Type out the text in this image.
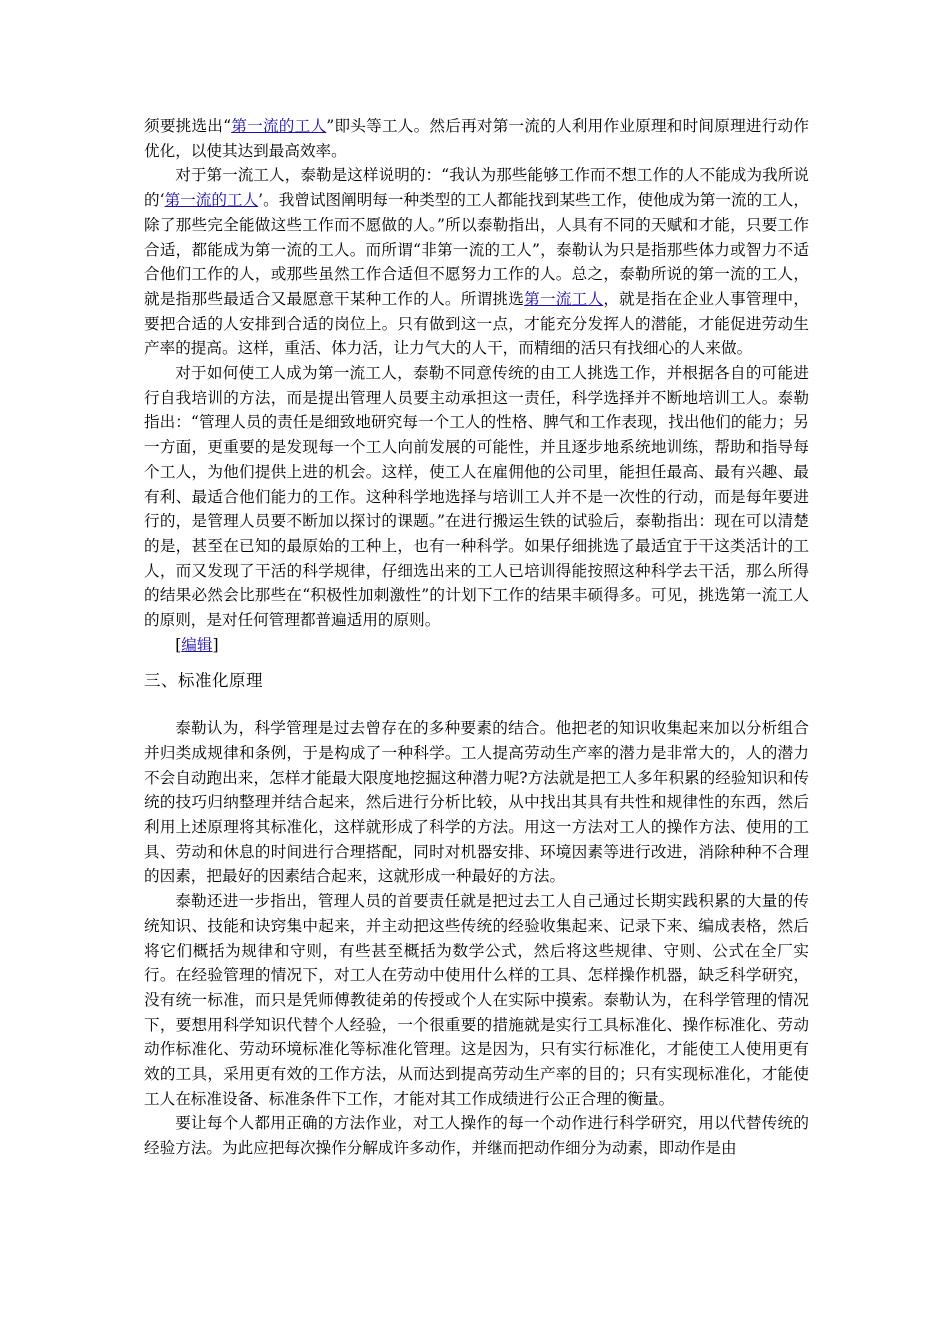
须要挑选出“第一流的工人”即头等工人。然后再对第一流的人利用作业原理和时间原理进行动作优化，以使其达到最高效率。

对于第一流工人，泰勒是这样说明的：“我认为那些能够工作而不想工作的人不能成为我所说的‘第一流的工人’。我曾试图阐明每一种类型的工人都能找到某些工作，使他成为第一流的工人，除了那些完全能做这些工作而不愿做的人。”所以泰勒指出，人具有不同的天赋和才能，只要工作合适，都能成为第一流的工人。而所谓“非第一流的工人”，泰勒认为只是指那些体力或智力不适合他们工作的人，或那些虽然工作合适但不愿努力工作的人。总之，泰勒所说的第一流的工人，就是指那些最适合又最愿意干某种工作的人。所谓挑选第一流工人，就是指在企业人事管理中，要把合适的人安排到合适的岗位上。只有做到这一点，才能充分发挥人的潜能，才能促进劳动生产率的提高。这样，重活、体力活，让力气大的人干，而精细的活只有找细心的人来做。

对于如何使工人成为第一流工人，泰勒不同意传统的由工人挑选工作，并根据各自的可能进行自我培训的方法，而是提出管理人员要主动承担这一责任，科学选择并不断地培训工人。泰勒指出：“管理人员的责任是细致地研究每一个工人的性格、脾气和工作表现，找出他们的能力；另一方面，更重要的是发现每一个工人向前发展的可能性，并且逐步地系统地训练，帮助和指导每个工人，为他们提供上进的机会。这样，使工人在雇佣他的公司里，能担任最高、最有兴趣、最有利、最适合他们能力的工作。这种科学地选择与培训工人并不是一次性的行动，而是每年要进行的，是管理人员要不断加以探讨的课题。”在进行搬运生铁的试验后，泰勒指出：现在可以清楚的是，甚至在已知的最原始的工种上，也有一种科学。如果仔细挑选了最适宜于干这类活计的工人，而又发现了干活的科学规律，仔细选出来的工人已培训得能按照这种科学去干活，那么所得的结果必然会比那些在“积极性加刺激性”的计划下工作的结果丰硕得多。可见，挑选第一流工人的原则，是对任何管理都普遍适用的原则。
[编辑]

三、标准化原理

泰勒认为，科学管理是过去曾存在的多种要素的结合。他把老的知识收集起来加以分析组合并归类成规律和条例，于是构成了一种科学。工人提高劳动生产率的潜力是非常大的，人的潜力不会自动跑出来，怎样才能最大限度地挖掘这种潜力呢?方法就是把工人多年积累的经验知识和传统的技巧归纳整理并结合起来，然后进行分析比较，从中找出其具有共性和规律性的东西，然后利用上述原理将其标准化，这样就形成了科学的方法。用这一方法对工人的操作方法、使用的工具、劳动和休息的时间进行合理搭配，同时对机器安排、环境因素等进行改进，消除种种不合理的因素，把最好的因素结合起来，这就形成一种最好的方法。

泰勒还进一步指出，管理人员的首要责任就是把过去工人自己通过长期实践积累的大量的传统知识、技能和诀窍集中起来，并主动把这些传统的经验收集起来、记录下来、编成表格，然后将它们概括为规律和守则，有些甚至概括为数学公式，然后将这些规律、守则、公式在全厂实行。在经验管理的情况下，对工人在劳动中使用什么样的工具、怎样操作机器，缺乏科学研究，没有统一标准，而只是凭师傅教徒弟的传授或个人在实际中摸索。泰勒认为，在科学管理的情况下，要想用科学知识代替个人经验，一个很重要的措施就是实行工具标准化、操作标准化、劳动动作标准化、劳动环境标准化等标准化管理。这是因为，只有实行标准化，才能使工人使用更有效的工具，采用更有效的工作方法，从而达到提高劳动生产率的目的；只有实现标准化，才能使工人在标准设备、标准条件下工作，才能对其工作成绩进行公正合理的衡量。

要让每个人都用正确的方法作业，对工人操作的每一个动作进行科学研究，用以代替传统的经验方法。为此应把每次操作分解成许多动作，并继而把动作细分为动素，即动作是由
